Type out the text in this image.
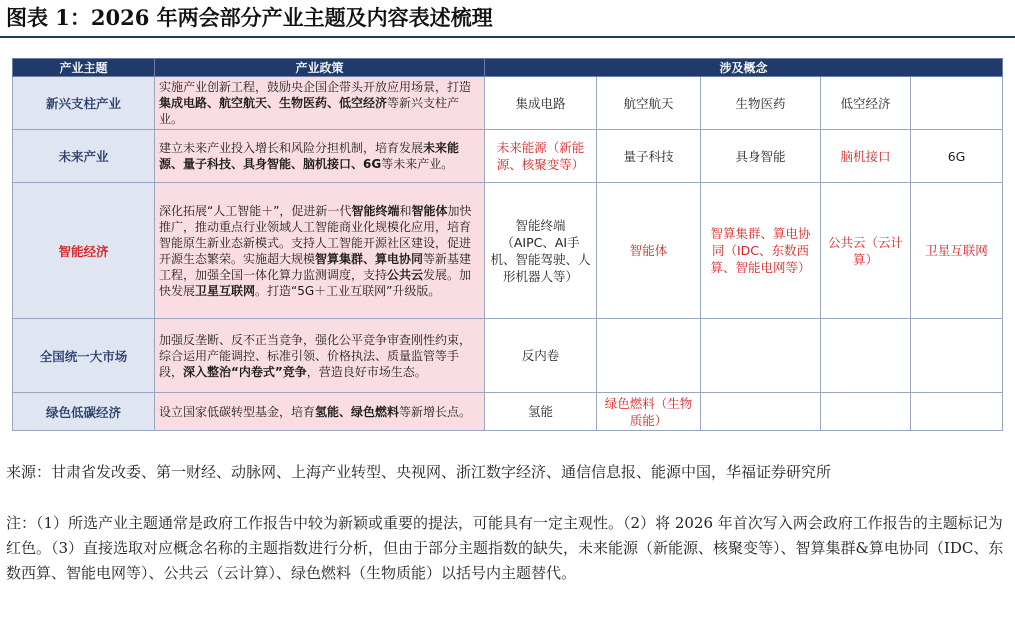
图表 1：2026 年两会部分产业主题及内容表述梳理
产业主题	产业政策	涉及概念				
新兴支柱产业	实施产业创新工程，鼓励央企国企带头开放应用场景，打造集成电路、航空航天、生物医药、低空经济等新兴支柱产业。	集成电路	航空航天	生物医药	低空经济	
未来产业	建立未来产业投入增长和风险分担机制，培育发展未来能源、量子科技、具身智能、脑机接口、6G等未来产业。	未来能源（新能源、核聚变等）	量子科技	具身智能	脑机接口	6G
智能经济	深化拓展“人工智能＋”，促进新一代智能终端和智能体加快推广，推动重点行业领域人工智能商业化规模化应用，培育智能原生新业态新模式。支持人工智能开源社区建设，促进开源生态繁荣。实施超大规模智算集群、算电协同等新基建工程，加强全国一体化算力监测调度，支持公共云发展。加快发展卫星互联网。打造“5G＋工业互联网”升级版。	智能终端（AIPC、AI手机、智能驾驶、人形机器人等）	智能体	智算集群、算电协同（IDC、东数西算、智能电网等）	公共云（云计算）	卫星互联网
全国统一大市场	加强反垄断、反不正当竞争，强化公平竞争审查刚性约束，综合运用产能调控、标准引领、价格执法、质量监管等手段，深入整治“内卷式”竞争，营造良好市场生态。	反内卷				
绿色低碳经济	设立国家低碳转型基金，培育氢能、绿色燃料等新增长点。	氢能	绿色燃料（生物质能）			
来源：甘肃省发改委、第一财经、动脉网、上海产业转型、央视网、浙江数字经济、通信信息报、能源中国，华福证券研究所
注：（1）所选产业主题通常是政府工作报告中较为新颖或重要的提法，可能具有一定主观性。（2）将 2026 年首次写入两会政府工作报告的主题标记为红色。（3）直接选取对应概念名称的主题指数进行分析，但由于部分主题指数的缺失，未来能源（新能源、核聚变等）、智算集群&算电协同（IDC、东数西算、智能电网等）、公共云（云计算）、绿色燃料（生物质能）以括号内主题替代。
